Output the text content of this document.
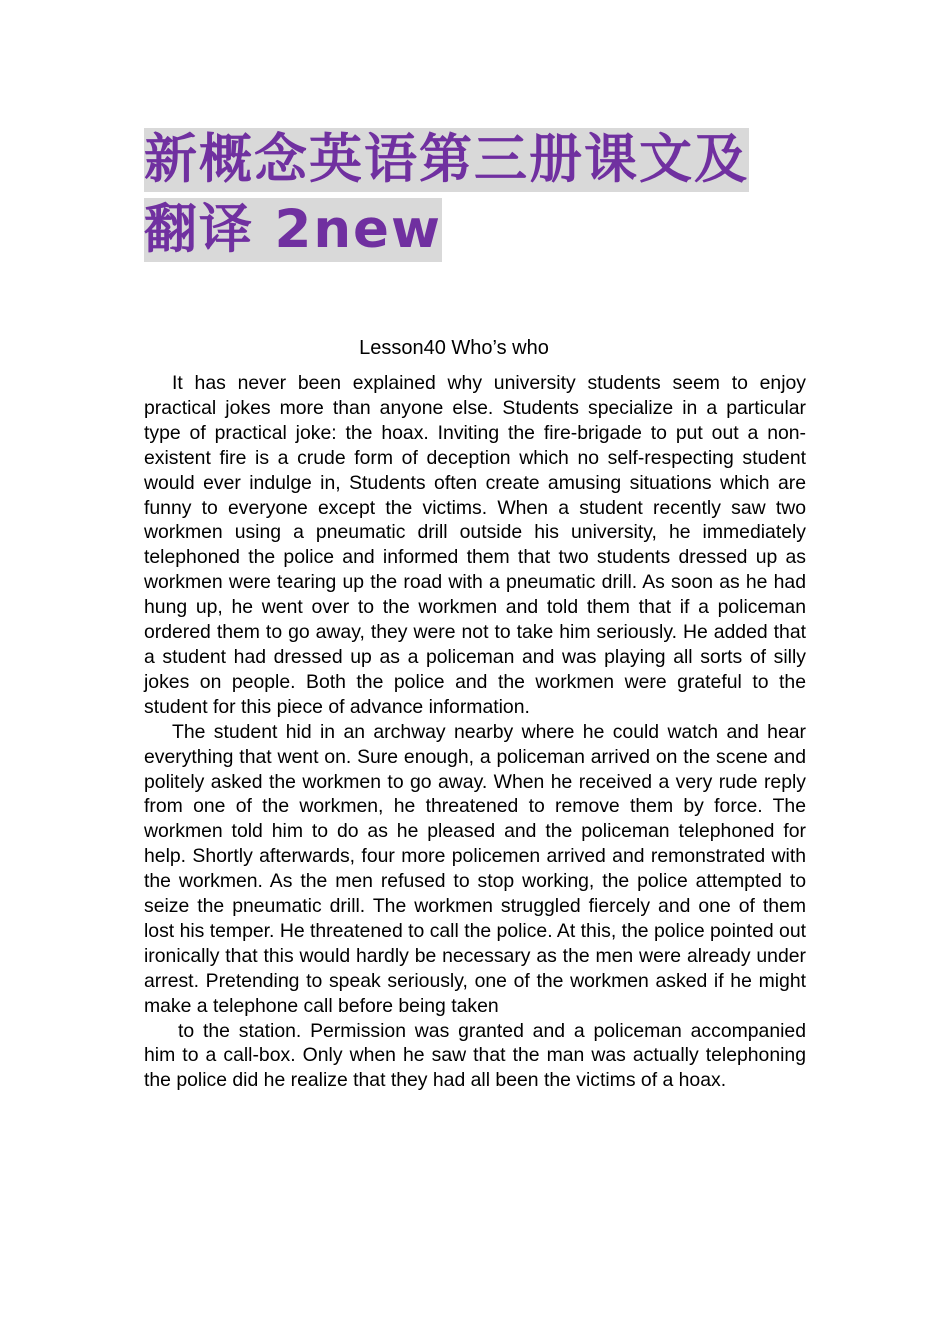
新概念英语第三册课文及
翻译 2new
Lesson40 Who’s who

It has never been explained why university students seem to enjoy practical jokes more than anyone else. Students specialize in a particular type of practical joke: the hoax. Inviting the fire-brigade to put out a non-existent fire is a crude form of deception which no self-respecting student would ever indulge in, Students often create amusing situations which are funny to everyone except the victims. When a student recently saw two workmen using a pneumatic drill outside his university, he immediately telephoned the police and informed them that two students dressed up as workmen were tearing up the road with a pneumatic drill. As soon as he had hung up, he went over to the workmen and told them that if a policeman ordered them to go away, they were not to take him seriously. He added that a student had dressed up as a policeman and was playing all sorts of silly jokes on people. Both the police and the workmen were grateful to the student for this piece of advance information.

The student hid in an archway nearby where he could watch and hear everything that went on. Sure enough, a policeman arrived on the scene and politely asked the workmen to go away. When he received a very rude reply from one of the workmen, he threatened to remove them by force. The workmen told him to do as he pleased and the policeman telephoned for help. Shortly afterwards, four more policemen arrived and remonstrated with the workmen. As the men refused to stop working, the police attempted to seize the pneumatic drill. The workmen struggled fiercely and one of them lost his temper. He threatened to call the police. At this, the police pointed out ironically that this would hardly be necessary as the men were already under arrest. Pretending to speak seriously, one of the workmen asked if he might make a telephone call before being taken

to the station. Permission was granted and a policeman accompanied him to a call-box. Only when he saw that the man was actually telephoning the police did he realize that they had all been the victims of a hoax.
